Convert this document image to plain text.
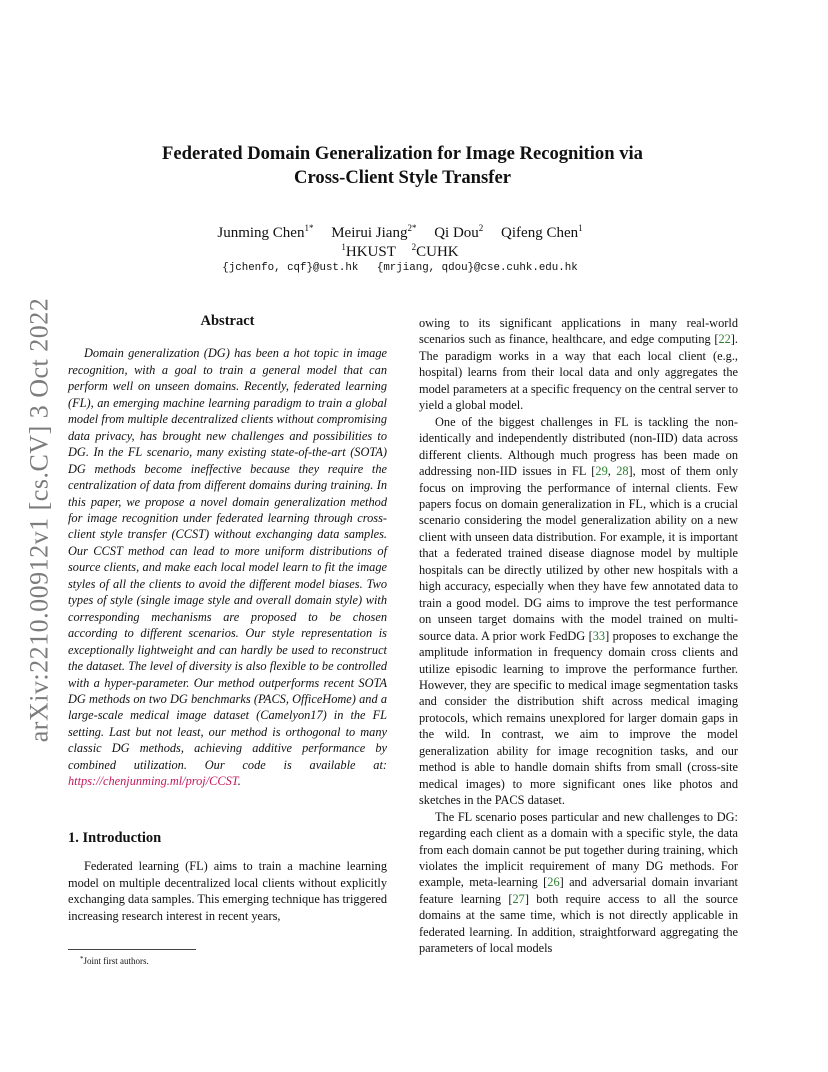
arXiv:2210.00912v1 [cs.CV] 3 Oct 2022
Federated Domain Generalization for Image Recognition via
Cross-Client Style Transfer
Junming Chen$^{1*}$ Meirui Jiang$^{2*}$ Qi Dou$^2$ Qifeng Chen$^1$
$^1$HKUST $^2$CUHK
{jchenfo, cqf}@ust.hk {mrjiang, qdou}@cse.cuhk.edu.hk
Abstract

Domain generalization (DG) has been a hot topic in image recognition, with a goal to train a general model that can perform well on unseen domains. Recently, federated learning (FL), an emerging machine learning paradigm to train a global model from multiple decentralized clients without compromising data privacy, has brought new challenges and possibilities to DG. In the FL scenario, many existing state-of-the-art (SOTA) DG methods become ineffective because they require the centralization of data from different domains during training. In this paper, we propose a novel domain generalization method for image recognition under federated learning through cross-client style transfer (CCST) without exchanging data samples. Our CCST method can lead to more uniform distributions of source clients, and make each local model learn to fit the image styles of all the clients to avoid the different model biases. Two types of style (single image style and overall domain style) with corresponding mechanisms are proposed to be chosen according to different scenarios. Our style representation is exceptionally lightweight and can hardly be used to reconstruct the dataset. The level of diversity is also flexible to be controlled with a hyper-parameter. Our method outperforms recent SOTA DG methods on two DG benchmarks (PACS, OfficeHome) and a large-scale medical image dataset (Camelyon17) in the FL setting. Last but not least, our method is orthogonal to many classic DG methods, achieving additive performance by combined utilization. Our code is available at: https://chenjunming.ml/proj/CCST.

1. Introduction

Federated learning (FL) aims to train a machine learning model on multiple decentralized local clients without explicitly exchanging data samples. This emerging technique has triggered increasing research interest in recent years,

owing to its significant applications in many real-world scenarios such as finance, healthcare, and edge computing [22]. The paradigm works in a way that each local client (e.g., hospital) learns from their local data and only aggregates the model parameters at a specific frequency on the central server to yield a global model.

One of the biggest challenges in FL is tackling the non-identically and independently distributed (non-IID) data across different clients. Although much progress has been made on addressing non-IID issues in FL [29, 28], most of them only focus on improving the performance of internal clients. Few papers focus on domain generalization in FL, which is a crucial scenario considering the model generalization ability on a new client with unseen data distribution. For example, it is important that a federated trained disease diagnose model by multiple hospitals can be directly utilized by other new hospitals with a high accuracy, especially when they have few annotated data to train a good model. DG aims to improve the test performance on unseen target domains with the model trained on multi-source data. A prior work FedDG [33] proposes to exchange the amplitude information in frequency domain cross clients and utilize episodic learning to improve the performance further. However, they are specific to medical image segmentation tasks and consider the distribution shift across medical imaging protocols, which remains unexplored for larger domain gaps in the wild. In contrast, we aim to improve the model generalization ability for image recognition tasks, and our method is able to handle domain shifts from small (cross-site medical images) to more significant ones like photos and sketches in the PACS dataset.

The FL scenario poses particular and new challenges to DG: regarding each client as a domain with a specific style, the data from each domain cannot be put together during training, which violates the implicit requirement of many DG methods. For example, meta-learning [26] and adversarial domain invariant feature learning [27] both require access to all the source domains at the same time, which is not directly applicable in federated learning. In addition, straightforward aggregating the parameters of local models

*Joint first authors.
